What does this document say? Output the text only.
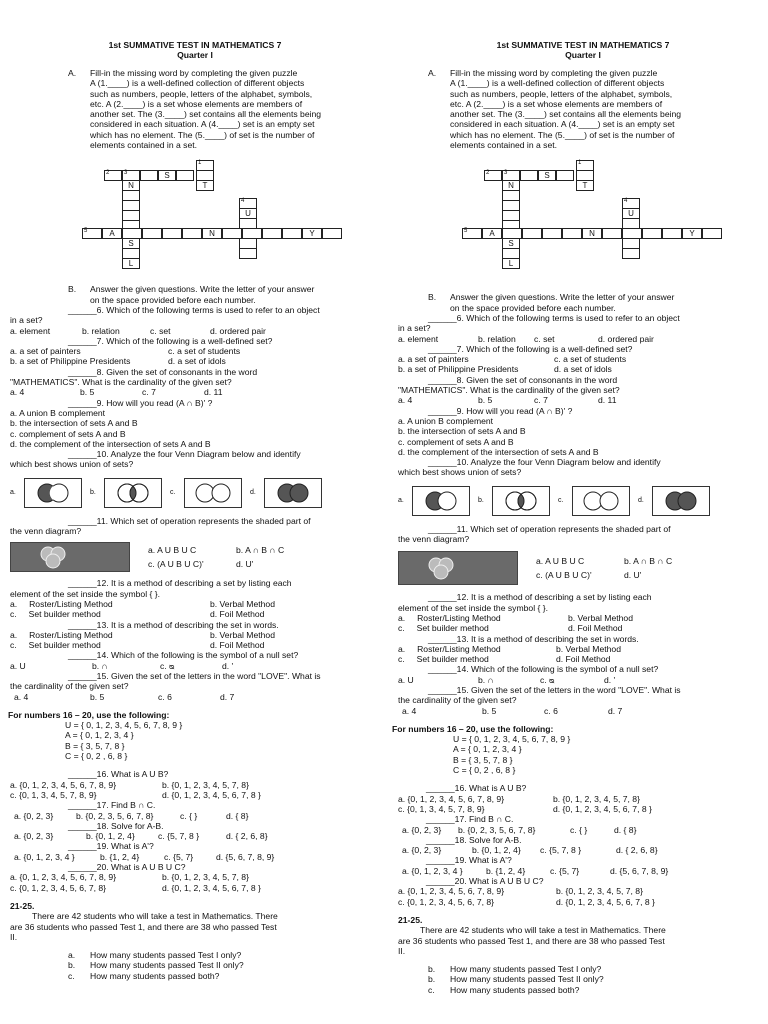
1st SUMMATIVE TEST IN MATHEMATICS 7
Quarter I
A. Fill-in the missing word by completing the given puzzle
A (1.____) is a well-defined collection of different objects
such as numbers, people, letters of the alphabet, symbols,
etc. A (2.____) is a set whose elements are members of
another set. The (3.____) set contains all the elements being
considered in each situation. A (4.____) set is an empty set
which has no element. The (5.____) of set is the number of
elements contained in a set.
1
T
2 3	S
N
4
U
5	A	N	Y
S
L
B. Answer the given questions. Write the letter of your answer
on the space provided before each number.
______6. Which of the following terms is used to refer to an object
in a set?
a. element	b. relation	c. set	d. ordered pair
______7. Which of the following is a well-defined set?
a. a set of painters	c. a set of students
b. a set of Philippine Presidents	d. a set of idols
______8. Given the set of consonants in the word
"MATHEMATICS". What is the cardinality of the given set?
a. 4	b. 5	c. 7	d. 11
______9. How will you read (A ∩ B)' ?
a. A union B complement
b. the intersection of sets A and B
c. complement of sets A and B
d. the complement of the intersection of sets A and B
______10. Analyze the four Venn Diagram below and identify
which best shows union of sets?
a.	b.	c.	d.
______11. Which set of operation represents the shaded part of
the venn diagram?
a. A U B U C	b. A ∩ B ∩ C
c. (A U B U C)'	d. U'
______12. It is a method of describing a set by listing each
element of the set inside the symbol { }.
a.     Roster/Listing Method	b. Verbal Method
c.     Set builder method	d. Foil Method
______13. It is a method of describing the set in words.
a.     Roster/Listing Method	b. Verbal Method
c.     Set builder method	d. Foil Method
______14. Which of the following is the symbol of a null set?
a. U	b. ∩	c. ᴓ	d. '
______15. Given the set of the letters in the word "LOVE". What is
the cardinality of the given set?
a. 4	b. 5	c. 6	d. 7
For numbers 16 – 20, use the following:
U = { 0, 1, 2, 3, 4, 5, 6, 7, 8, 9 }
A = { 0, 1, 2, 3, 4 }
B = { 3, 5, 7, 8 }
C = { 0, 2 , 6, 8 }
______16. What is A U B?
a. {0, 1, 2, 3, 4, 5, 6, 7, 8, 9}	b. {0, 1, 2, 3, 4, 5, 7, 8}
c. {0, 1, 3, 4, 5, 7, 8, 9}	d. {0, 1, 2, 3, 4, 5, 6, 7, 8 }
______17. Find B ∩ C.
a. {0, 2, 3}	b. {0, 2, 3, 5, 6, 7, 8}	c. { }	d. { 8}
______18. Solve for A-B.
a. {0, 2, 3}	b. {0, 1, 2, 4}	c. {5, 7, 8 }	d. { 2, 6, 8}
______19. What is A'?
a. {0, 1, 2, 3, 4 }	b. {1, 2, 4}	c. {5, 7}	d. {5, 6, 7, 8, 9}
______20. What is A U B U C?
a. {0, 1, 2, 3, 4, 5, 6, 7, 8, 9}	b. {0, 1, 2, 3, 4, 5, 7, 8}
c. {0, 1, 2, 3, 4, 5, 6, 7, 8}	d. {0, 1, 2, 3, 4, 5, 6, 7, 8 }
21-25.
There are 42 students who will take a test in Mathematics. There
are 36 students who passed Test 1, and there are 38 who passed Test
II.
a. How many students passed Test I only?
b. How many students passed Test II only?
c. How many students passed both?
1st SUMMATIVE TEST IN MATHEMATICS 7
Quarter I
A. Fill-in the missing word by completing the given puzzle
A (1.____) is a well-defined collection of different objects
such as numbers, people, letters of the alphabet, symbols,
etc. A (2.____) is a set whose elements are members of
another set. The (3.____) set contains all the elements being
considered in each situation. A (4.____) set is an empty set
which has no element. The (5.____) of set is the number of
elements contained in a set.
1
T
2 3	S
N
4
U
5	A	N	Y
S
L
B. Answer the given questions. Write the letter of your answer
on the space provided before each number.
______6. Which of the following terms is used to refer to an object
in a set?
a. element	b. relation	c. set	d. ordered pair
______7. Which of the following is a well-defined set?
a. a set of painters	c. a set of students
b. a set of Philippine Presidents	d. a set of idols
______8. Given the set of consonants in the word
"MATHEMATICS". What is the cardinality of the given set?
a. 4	b. 5	c. 7	d. 11
______9. How will you read (A ∩ B)' ?
a. A union B complement
b. the intersection of sets A and B
c. complement of sets A and B
d. the complement of the intersection of sets A and B
______10. Analyze the four Venn Diagram below and identify
which best shows union of sets?
a.	b.	c.	d.
______11. Which set of operation represents the shaded part of
the venn diagram?
a. A U B U C	b. A ∩ B ∩ C
c. (A U B U C)'	d. U'
______12. It is a method of describing a set by listing each
element of the set inside the symbol { }.
a.     Roster/Listing Method	b. Verbal Method
c.     Set builder method	d. Foil Method
______13. It is a method of describing the set in words.
a.     Roster/Listing Method	b. Verbal Method
c.     Set builder method	d. Foil Method
______14. Which of the following is the symbol of a null set?
a. U	b. ∩	c. ᴓ	d. '
______15. Given the set of the letters in the word "LOVE". What is
the cardinality of the given set?
a. 4	b. 5	c. 6	d. 7
For numbers 16 – 20, use the following:
U = { 0, 1, 2, 3, 4, 5, 6, 7, 8, 9 }
A = { 0, 1, 2, 3, 4 }
B = { 3, 5, 7, 8 }
C = { 0, 2 , 6, 8 }
______16. What is A U B?
a. {0, 1, 2, 3, 4, 5, 6, 7, 8, 9}	b. {0, 1, 2, 3, 4, 5, 7, 8}
c. {0, 1, 3, 4, 5, 7, 8, 9}	d. {0, 1, 2, 3, 4, 5, 6, 7, 8 }
______17. Find B ∩ C.
a. {0, 2, 3}	b. {0, 2, 3, 5, 6, 7, 8}	c. { }	d. { 8}
______18. Solve for A-B.
a. {0, 2, 3}	b. {0, 1, 2, 4}	c. {5, 7, 8 }	d. { 2, 6, 8}
______19. What is A'?
a. {0, 1, 2, 3, 4 }	b. {1, 2, 4}	c. {5, 7}	d. {5, 6, 7, 8, 9}
______20. What is A U B U C?
a. {0, 1, 2, 3, 4, 5, 6, 7, 8, 9}	b. {0, 1, 2, 3, 4, 5, 7, 8}
c. {0, 1, 2, 3, 4, 5, 6, 7, 8}	d. {0, 1, 2, 3, 4, 5, 6, 7, 8 }
21-25.
There are 42 students who will take a test in Mathematics. There
are 36 students who passed Test 1, and there are 38 who passed Test
II.
b. How many students passed Test I only?
b. How many students passed Test II only?
c. How many students passed both?
